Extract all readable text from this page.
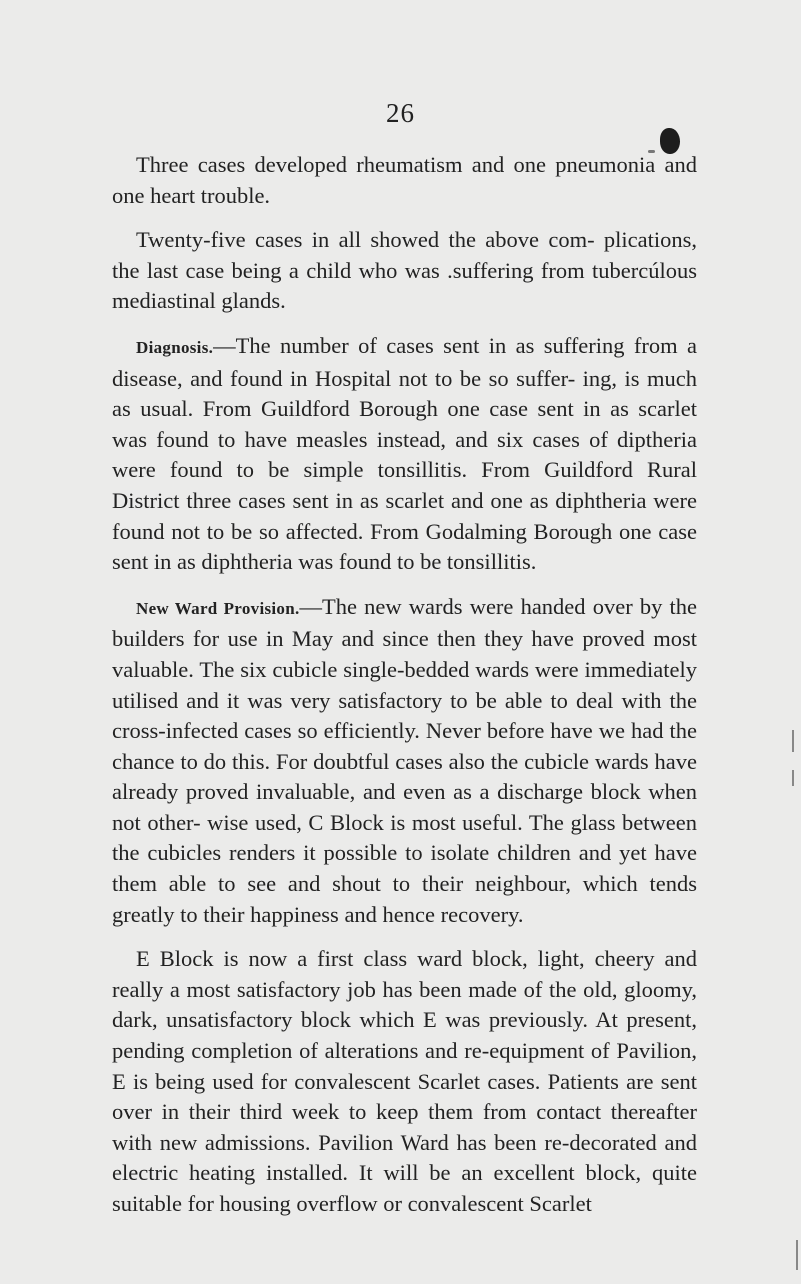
26

Three cases developed rheumatism and one pneumonia and one heart trouble.

Twenty-five cases in all showed the above com- plications, the last case being a child who was .suffering from tubercúlous mediastinal glands.

Diagnosis.—The number of cases sent in as suffering from a disease, and found in Hospital not to be so suffer- ing, is much as usual. From Guildford Borough one case sent in as scarlet was found to have measles instead, and six cases of diptheria were found to be simple tonsillitis. From Guildford Rural District three cases sent in as scarlet and one as diphtheria were found not to be so affected. From Godalming Borough one case sent in as diphtheria was found to be tonsillitis.

New Ward Provision.—The new wards were handed over by the builders for use in May and since then they have proved most valuable. The six cubicle single-bedded wards were immediately utilised and it was very satisfactory to be able to deal with the cross-infected cases so efficiently. Never before have we had the chance to do this. For doubtful cases also the cubicle wards have already proved invaluable, and even as a discharge block when not other- wise used, C Block is most useful. The glass between the cubicles renders it possible to isolate children and yet have them able to see and shout to their neighbour, which tends greatly to their happiness and hence recovery.

E Block is now a first class ward block, light, cheery and really a most satisfactory job has been made of the old, gloomy, dark, unsatisfactory block which E was previously. At present, pending completion of alterations and re-equipment of Pavilion, E is being used for convalescent Scarlet cases. Patients are sent over in their third week to keep them from contact thereafter with new admissions. Pavilion Ward has been re-decorated and electric heating installed. It will be an excellent block, quite suitable for housing overflow or convalescent Scarlet
